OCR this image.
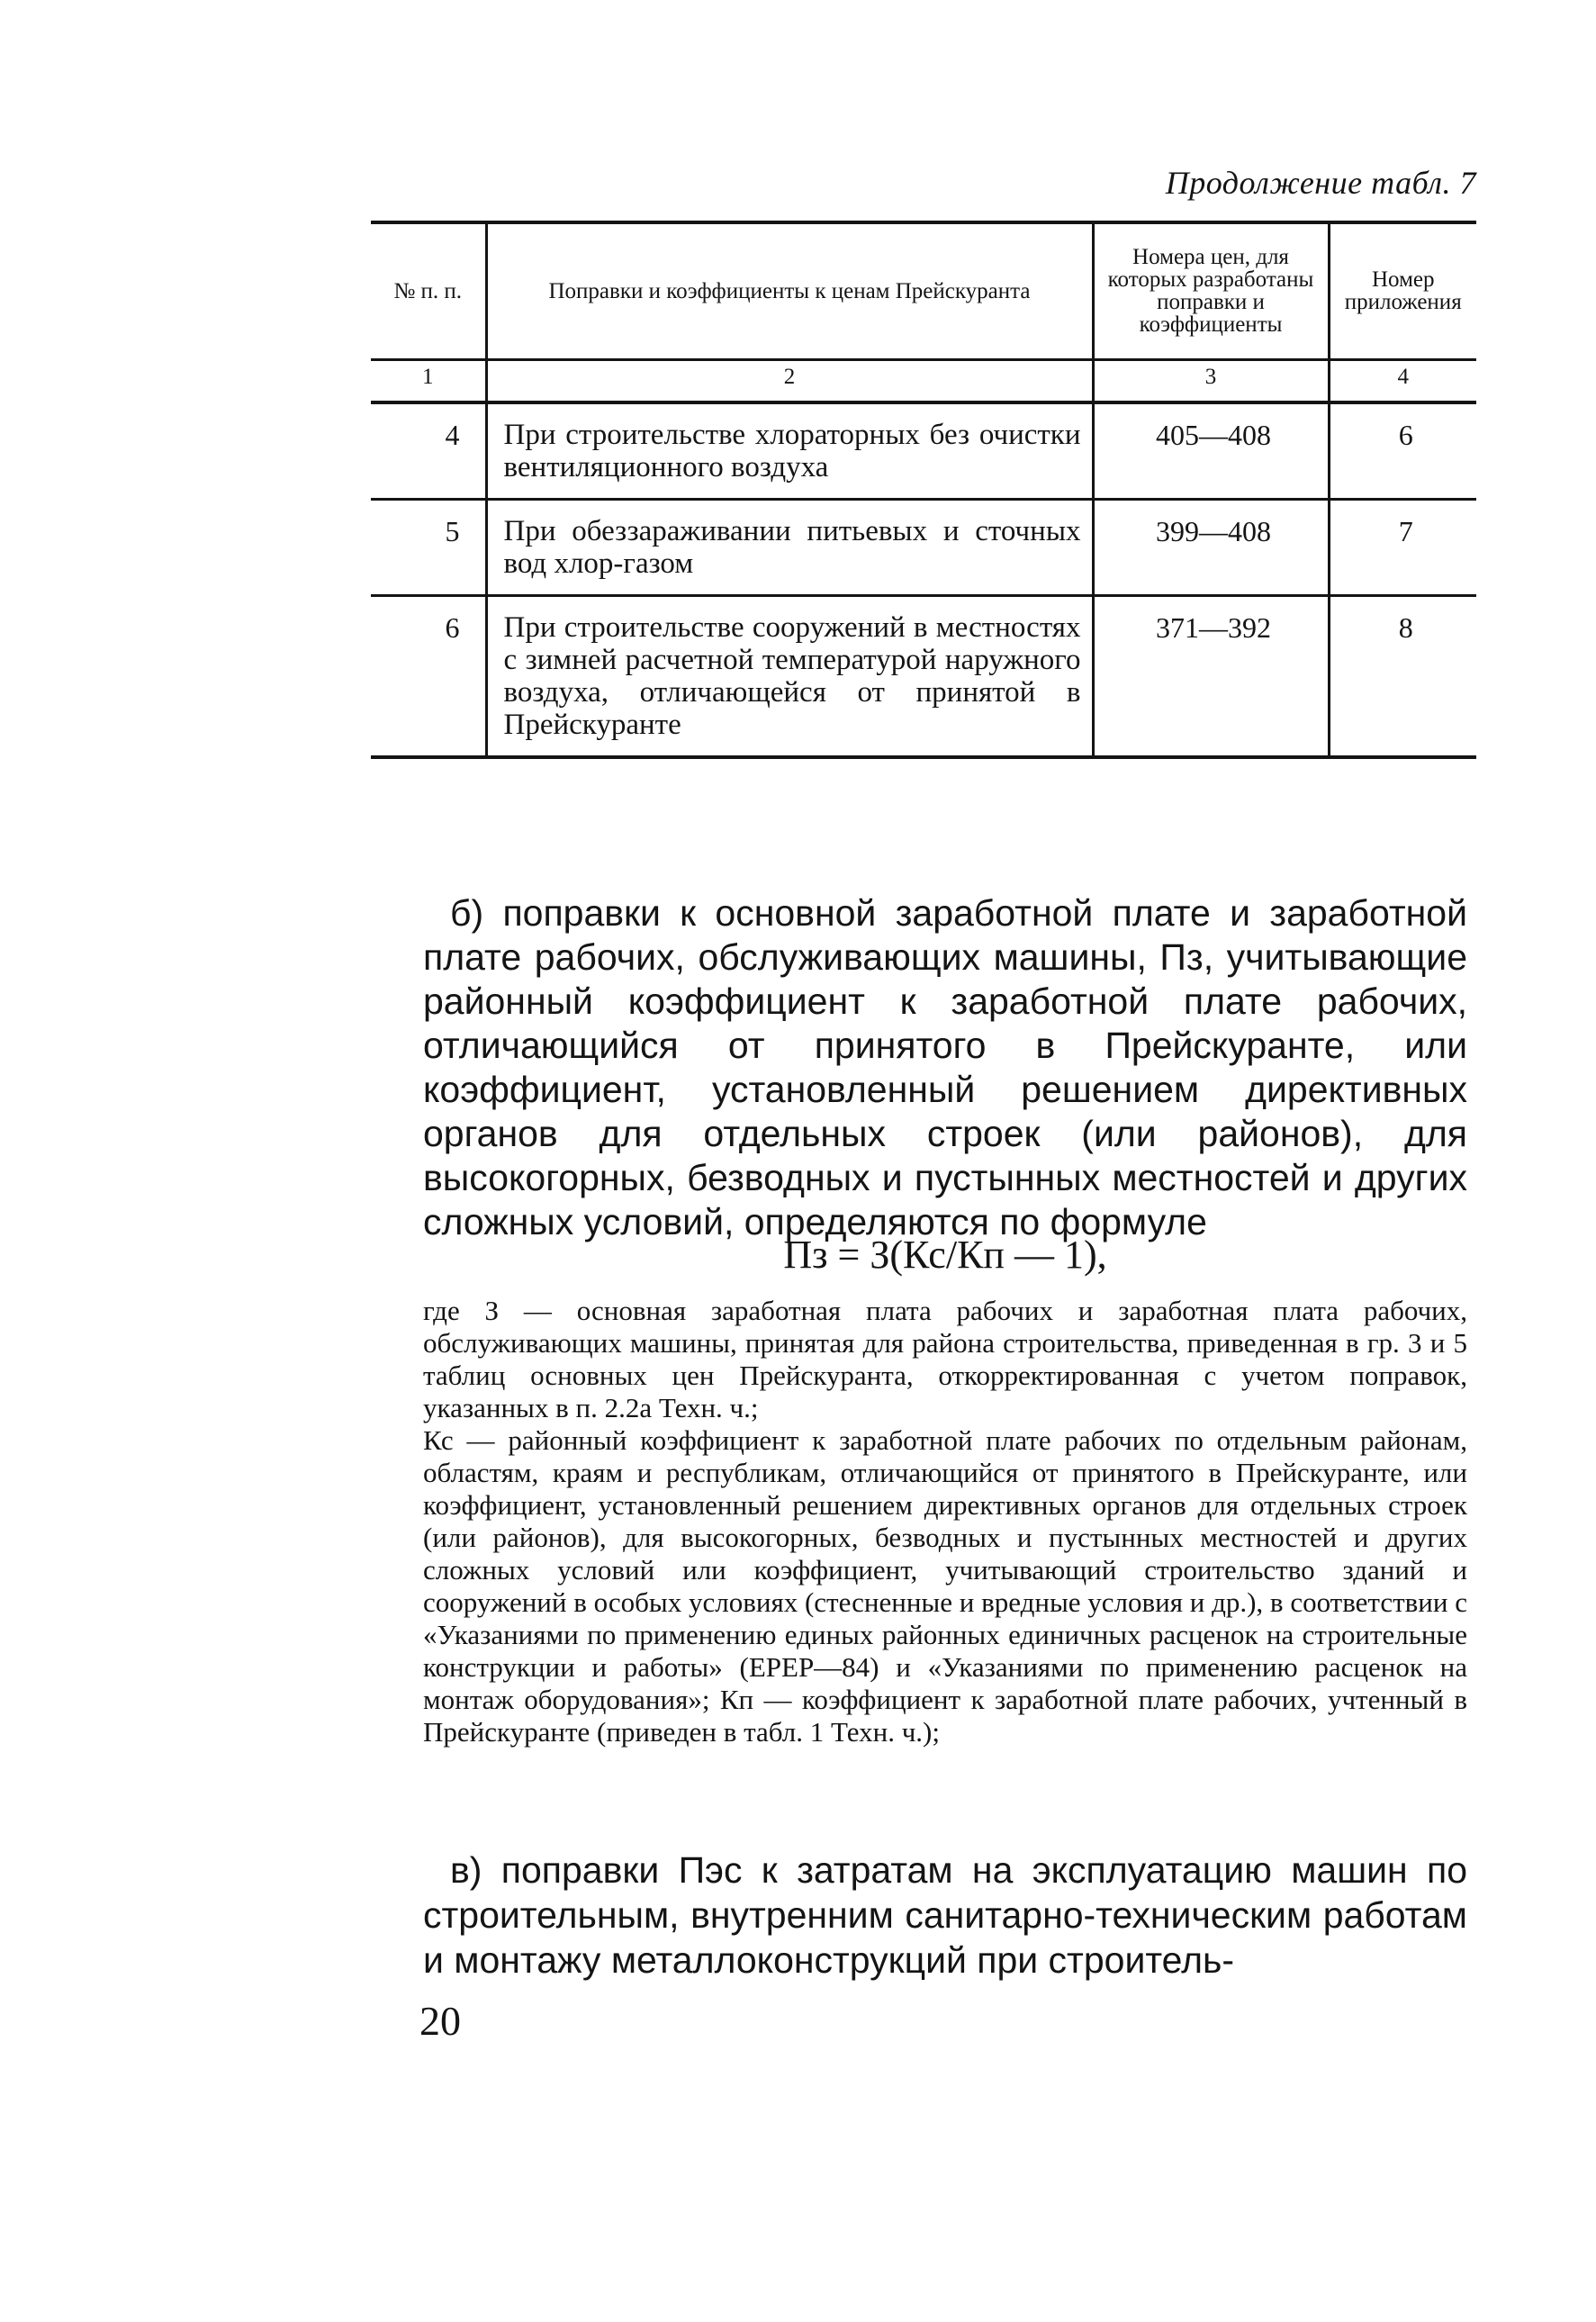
Продолжение табл. 7
№ п. п.	Поправки и коэффициенты к ценам Прейскуранта	Номера цен, для которых разработаны поправки и коэффициенты	Номер приложения
1	2	3	4
4	При строительстве хлораторных без очистки вентиляционного воздуха	405—408	6
5	При обеззараживании питьевых и сточных вод хлор-газом	399—408	7
6	При строительстве сооружений в местностях с зимней расчетной температурой наружного воздуха, отличающейся от принятой в Прейскуранте	371—392	8
б) поправки к основной заработной плате и заработной плате рабочих, обслуживающих машины, Пз, учитывающие районный коэффициент к заработной плате рабочих, отличающийся от принятого в Прейскуранте, или коэффициент, установленный решением директивных органов для отдельных строек (или районов), для высокогорных, безводных и пустынных местностей и других сложных условий, определяются по формуле
Пз = З(Кс/Кп — 1),

где З — основная заработная плата рабочих и заработная плата рабочих, обслуживающих машины, принятая для района строительства, приведенная в гр. 3 и 5 таблиц основных цен Прейскуранта, откорректированная с учетом поправок, указанных в п. 2.2а Техн. ч.;

Кс — районный коэффициент к заработной плате рабочих по отдельным районам, областям, краям и республикам, отличающийся от принятого в Прейскуранте, или коэффициент, установленный решением директивных органов для отдельных строек (или районов), для высокогорных, безводных и пустынных местностей и других сложных условий или коэффициент, учитывающий строительство зданий и сооружений в особых условиях (стесненные и вредные условия и др.), в соответствии с «Указаниями по применению единых районных единичных расценок на строительные конструкции и работы» (ЕРЕР—84) и «Указаниями по применению расценок на монтаж оборудования»; Кп — коэффициент к заработной плате рабочих, учтенный в Прейскуранте (приведен в табл. 1 Техн. ч.);

в) поправки Пэс к затратам на эксплуатацию машин по строительным, внутренним санитарно-техническим работам и монтажу металлоконструкций при строитель-
20
